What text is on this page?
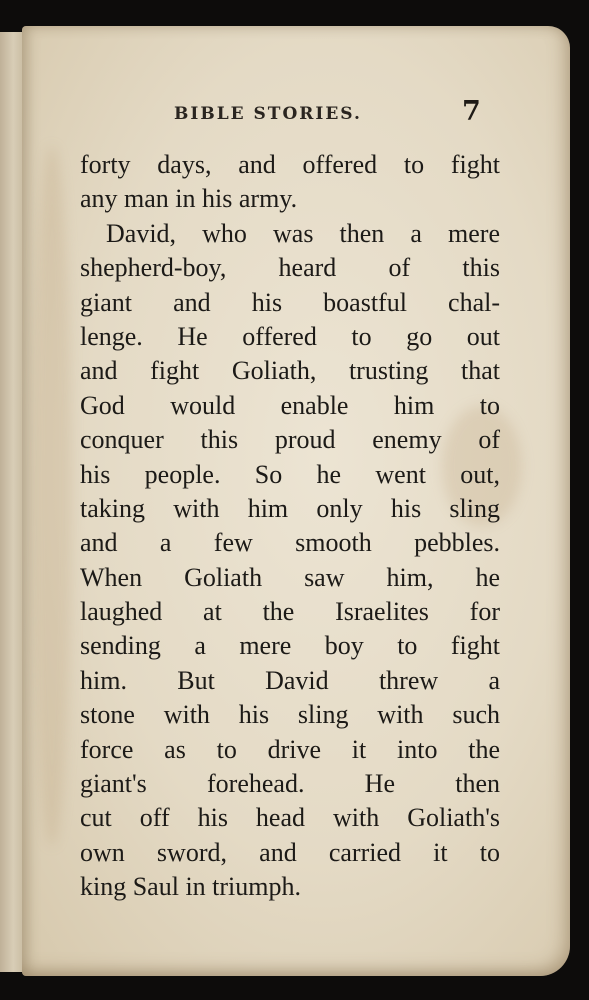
BIBLE STORIES.	7
forty days, and offered to fight
any man in his army.
David, who was then a mere
shepherd-boy, heard of this
giant and his boastful chal-
lenge. He offered to go out
and fight Goliath, trusting that
God would enable him to
conquer this proud enemy of
his people. So he went out,
taking with him only his sling
and a few smooth pebbles.
When Goliath saw him, he
laughed at the Israelites for
sending a mere boy to fight
him. But David threw a
stone with his sling with such
force as to drive it into the
giant's forehead. He then
cut off his head with Goliath's
own sword, and carried it to
king Saul in triumph.
